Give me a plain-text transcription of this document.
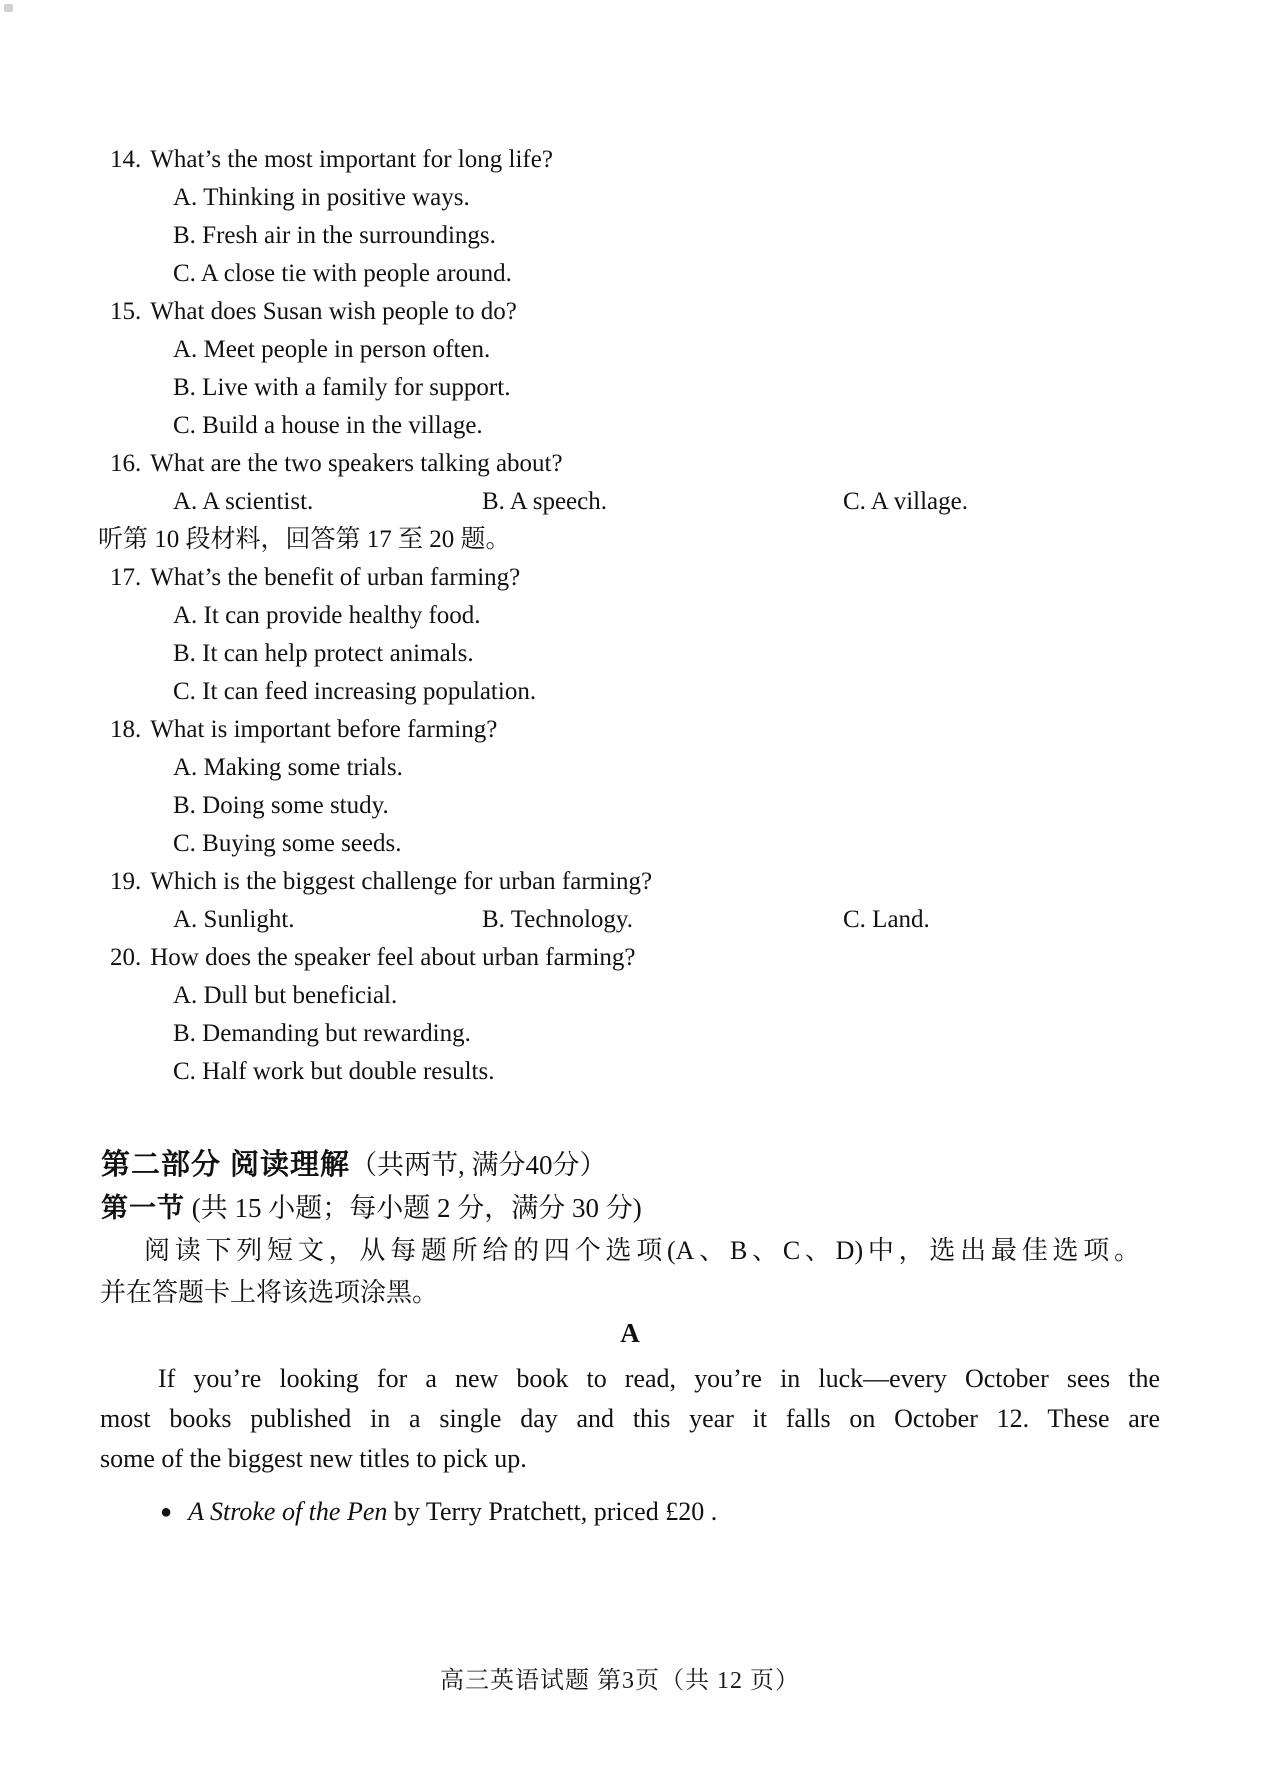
14. What’s the most important for long life?
A. Thinking in positive ways.
B. Fresh air in the surroundings.
C. A close tie with people around.
15. What does Susan wish people to do?
A. Meet people in person often.
B. Live with a family for support.
C. Build a house in the village.
16. What are the two speakers talking about?
A. A scientist.	B. A speech.	C. A village.
听第 10 段材料，回答第 17 至 20 题。
17. What’s the benefit of urban farming?
A. It can provide healthy food.
B. It can help protect animals.
C. It can feed increasing population.
18. What is important before farming?
A. Making some trials.
B. Doing some study.
C. Buying some seeds.
19. Which is the biggest challenge for urban farming?
A. Sunlight.	B. Technology.	C. Land.
20. How does the speaker feel about urban farming?
A. Dull but beneficial.
B. Demanding but rewarding.
C. Half work but double results.
第二部分 阅读理解（共两节, 满分40分）
第一节 (共 15 小题；每小题 2 分，满分 30 分)
阅读下列短文，从每题所给的四个选项(A、B、C、D)中，选出最佳选项。
并在答题卡上将该选项涂黑。
A
If you’re looking for a new book to read, you’re in luck—every October sees the
most books published in a single day and this year it falls on October 12. These are
some of the biggest new titles to pick up.
● A Stroke of the Pen by Terry Pratchett, priced £20 .
高三英语试题 第3页（共 12 页）
